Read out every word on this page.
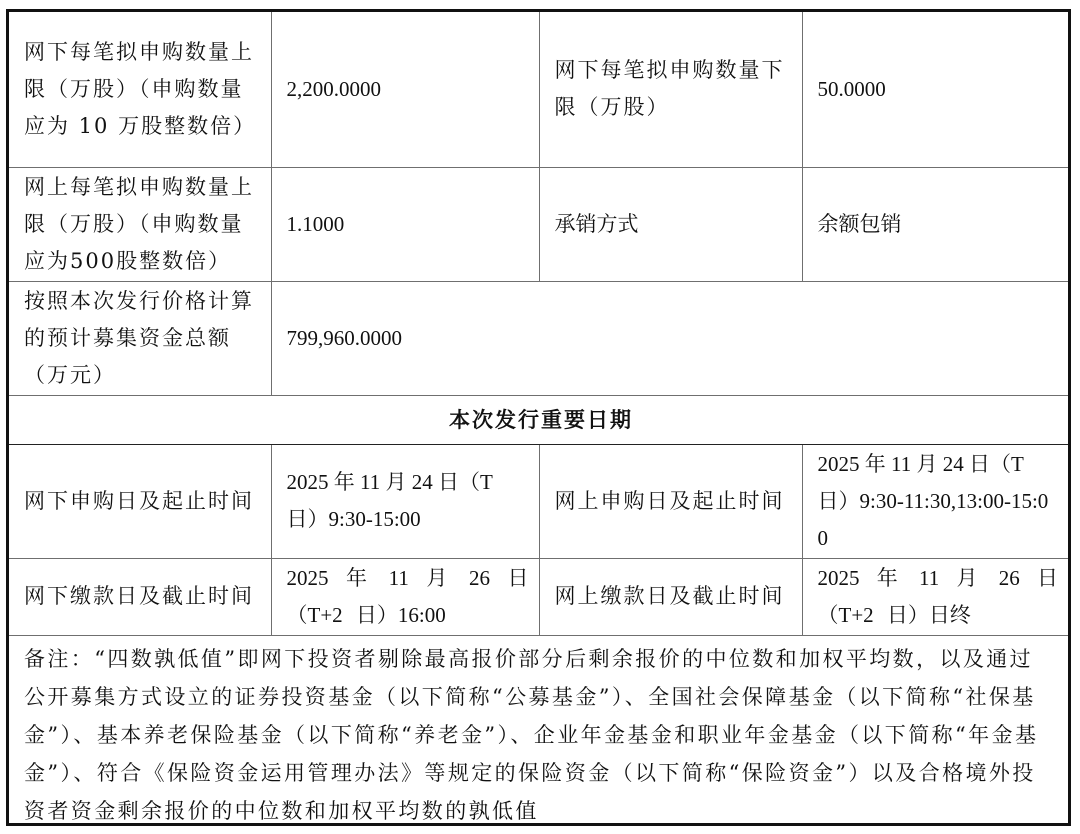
网下每笔拟申购数量上限（万股）（申购数量应为 10 万股整数倍）	2,200.0000	网下每笔拟申购数量下限（万股）	50.0000
网上每笔拟申购数量上限（万股）（申购数量应为500股整数倍）	1.1000	承销方式	余额包销
按照本次发行价格计算的预计募集资金总额（万元）	799,960.0000		
本次发行重要日期			
网下申购日及起止时间	2025 年 11 月 24 日（T 日）9:30-15:00	网上申购日及起止时间	2025 年 11 月 24 日（T 日）9:30-11:30,13:00-15:00
网下缴款日及截止时间	2025 年 11 月 26 日（T+2 日）16:00	网上缴款日及截止时间	2025 年 11 月 26 日（T+2 日）日终
备注：“四数孰低值”即网下投资者剔除最高报价部分后剩余报价的中位数和加权平均数，以及通过公开募集方式设立的证券投资基金（以下简称“公募基金”）、全国社会保障基金（以下简称“社保基金”）、基本养老保险基金（以下简称“养老金”）、企业年金基金和职业年金基金（以下简称“年金基金”）、符合《保险资金运用管理办法》等规定的保险资金（以下简称“保险资金”）以及合格境外投资者资金剩余报价的中位数和加权平均数的孰低值			
